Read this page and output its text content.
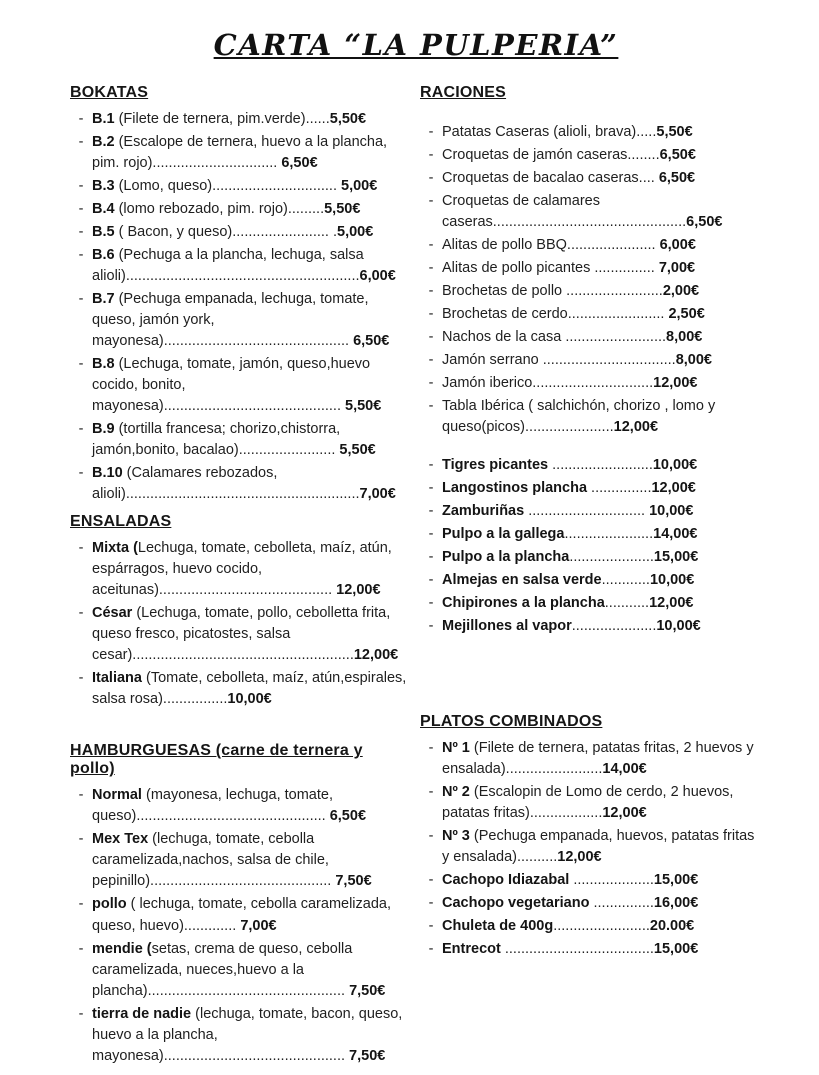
CARTA “LA PULPERIA”
BOKATAS
- B.1 (Filete de ternera, pim.verde)......5,50€
- B.2 (Escalope de ternera, huevo a la plancha, pim. rojo)............................... 6,50€
- B.3 (Lomo, queso)............................... 5,00€
- B.4 (lomo rebozado, pim. rojo).........5,50€
- B.5 ( Bacon, y queso)........................ .5,00€
- B.6 (Pechuga a la plancha, lechuga, salsa alioli)..........................................................6,00€
- B.7 (Pechuga empanada, lechuga, tomate, queso, jamón york, mayonesa).............................................. 6,50€
- B.8 (Lechuga, tomate, jamón, queso,huevo cocido, bonito, mayonesa)............................................ 5,50€
- B.9 (tortilla francesa; chorizo,chistorra, jamón,bonito, bacalao)........................ 5,50€
- B.10 (Calamares rebozados, alioli)..........................................................7,00€
ENSALADAS
- Mixta (Lechuga, tomate, cebolleta, maíz, atún, espárragos, huevo cocido, aceitunas)........................................... 12,00€
- César (Lechuga, tomate, pollo, cebolletta frita, queso fresco, picatostes, salsa cesar).......................................................12,00€
- Italiana (Tomate, cebolleta, maíz, atún,espirales, salsa rosa)................10,00€
HAMBURGUESAS (carne de ternera y pollo)
- Normal (mayonesa, lechuga, tomate, queso)............................................... 6,50€
- Mex Tex (lechuga, tomate, cebolla caramelizada,nachos, salsa de chile, pepinillo)............................................. 7,50€
- pollo ( lechuga, tomate, cebolla caramelizada, queso, huevo)............. 7,00€
- mendie (setas, crema de queso, cebolla caramelizada, nueces,huevo a la plancha)................................................. 7,50€
- tierra de nadie (lechuga, tomate, bacon, queso, huevo a la plancha, mayonesa)............................................. 7,50€
RACIONES
- Patatas Caseras (alioli, brava).....5,50€
- Croquetas de jamón caseras........6,50€
- Croquetas de bacalao caseras.... 6,50€
- Croquetas de calamares caseras................................................6,50€
- Alitas de pollo BBQ...................... 6,00€
- Alitas de pollo picantes ............... 7,00€
- Brochetas de pollo ........................2,00€
- Brochetas de cerdo........................ 2,50€
- Nachos de la casa .........................8,00€
- Jamón serrano .................................8,00€
- Jamón iberico..............................12,00€
- Tabla Ibérica ( salchichón, chorizo , lomo y queso(picos)......................12,00€
- Tigres picantes .........................10,00€
- Langostinos plancha ...............12,00€
- Zamburiñas ............................. 10,00€
- Pulpo a la gallega......................14,00€
- Pulpo a la plancha.....................15,00€
- Almejas en salsa verde............10,00€
- Chipirones a la plancha...........12,00€
- Mejillones al vapor.....................10,00€
PLATOS COMBINADOS
- Nº 1 (Filete de ternera, patatas fritas, 2 huevos y ensalada)........................14,00€
- Nº 2 (Escalopin de Lomo de cerdo, 2 huevos, patatas fritas)..................12,00€
- Nº 3 (Pechuga empanada, huevos, patatas fritas y ensalada)..........12,00€
- Cachopo Idiazabal ....................15,00€
- Cachopo vegetariano ...............16,00€
- Chuleta de 400g........................20.00€
- Entrecot .....................................15,00€
